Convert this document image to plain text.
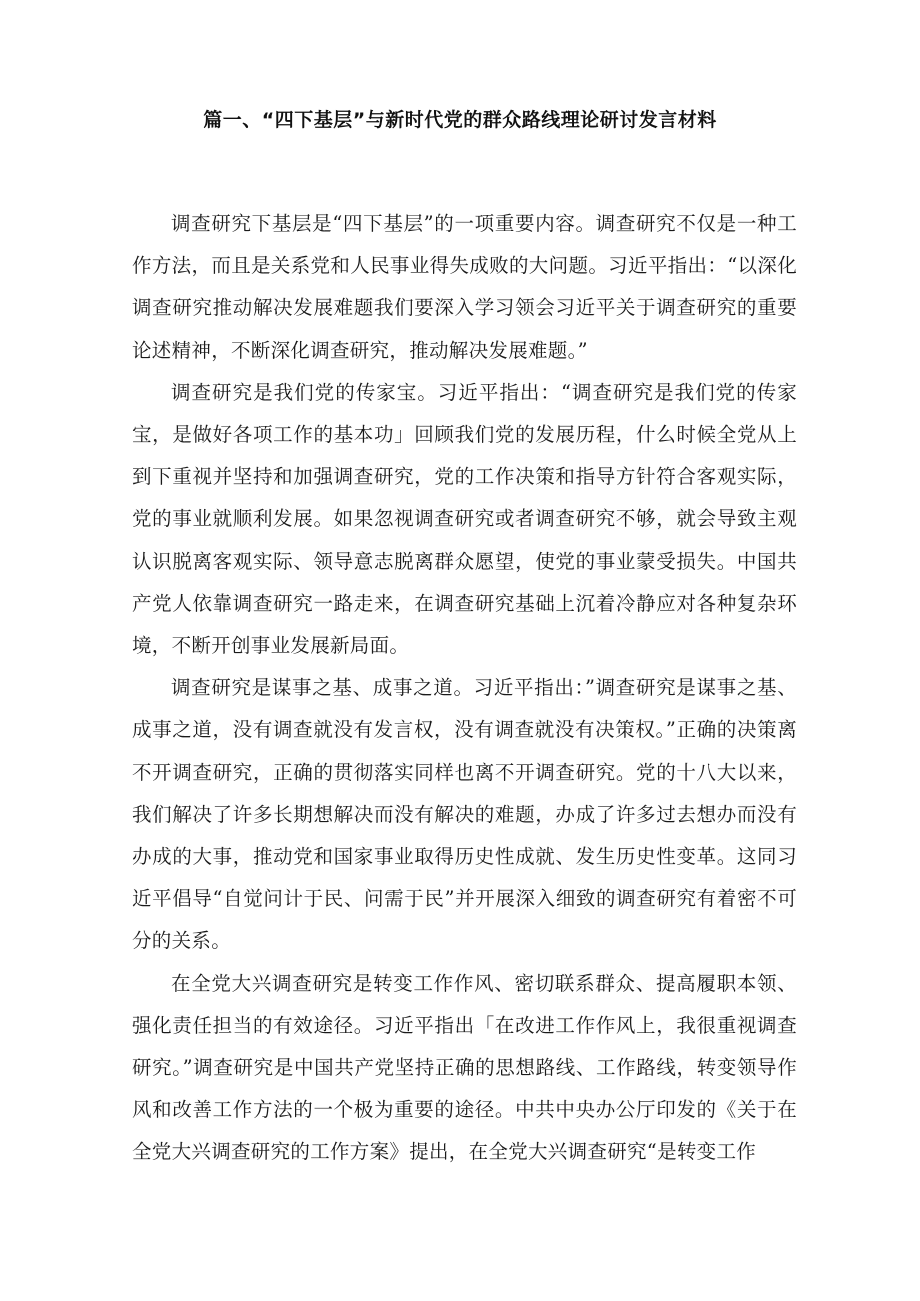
篇一、“四下基层”与新时代党的群众路线理论研讨发言材料

调查研究下基层是“四下基层”的一项重要内容。调查研究不仅是一种工作方法，而且是关系党和人民事业得失成败的大问题。习近平指出：“以深化调查研究推动解决发展难题我们要深入学习领会习近平关于调查研究的重要论述精神，不断深化调查研究，推动解决发展难题。”

调查研究是我们党的传家宝。习近平指出：“调查研究是我们党的传家宝，是做好各项工作的基本功」回顾我们党的发展历程，什么时候全党从上到下重视并坚持和加强调查研究，党的工作决策和指导方针符合客观实际，党的事业就顺利发展。如果忽视调查研究或者调查研究不够，就会导致主观认识脱离客观实际、领导意志脱离群众愿望，使党的事业蒙受损失。中国共产党人依靠调查研究一路走来，在调查研究基础上沉着冷静应对各种复杂环境，不断开创事业发展新局面。

调查研究是谋事之基、成事之道。习近平指出：”调查研究是谋事之基、成事之道，没有调查就没有发言权，没有调查就没有决策权。”正确的决策离不开调查研究，正确的贯彻落实同样也离不开调查研究。党的十八大以来，我们解决了许多长期想解决而没有解决的难题，办成了许多过去想办而没有办成的大事，推动党和国家事业取得历史性成就、发生历史性变革。这同习近平倡导“自觉问计于民、问需于民”并开展深入细致的调查研究有着密不可分的关系。

在全党大兴调查研究是转变工作作风、密切联系群众、提高履职本领、强化责任担当的有效途径。习近平指出「在改进工作作风上，我很重视调查研究。”调查研究是中国共产党坚持正确的思想路线、工作路线，转变领导作风和改善工作方法的一个极为重要的途径。中共中央办公厅印发的《关于在全党大兴调查研究的工作方案》提出，在全党大兴调查研究“是转变工作
